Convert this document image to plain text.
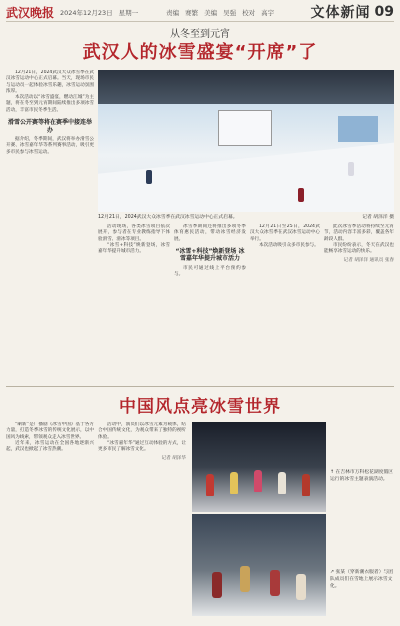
武汉晚报 2024年12月23日 星期一	责编 赛繁 美编 吴强 校对 高宇	文体新闻 09
从冬至到元宵
武汉人的冰雪盛宴“开席”了

12月21日，2024武汉大众冰雪季在武汉冰雪运动中心正式启幕。当天，现场市民与运动员一起体验冰雪乐趣，冰雪运动氛围浓厚。

本次活动以“冰雪盛宴，燃动江城”为主题，将在冬至到元宵期间陆续推出多项冰雪活动，丰富市民冬季生活。

滑雪公开赛等将在赛季中接连举办

据介绍，冬季期间，武汉将举办滑雪公开赛、冰雪嘉年华等系列赛事活动，吸引更多市民参与冰雪运动。

12月21日，2024武汉大众冰雪季在武汉冰雪运动中心正式启幕。	记者 胡泽洋 摄

活动现场，各类冰雪项目依次展开，参与者在专业教练指导下体验滑雪、滑冰等项目。

“冰雪+科技”焕新登场，冰雪嘉年华提升城市活力。

冰雪季期间还将推出多项冬季体育惠民活动，带动冰雪经济发展。

“冰雪+科技”焕新登场 冰雪嘉年华提升城市活力

市民可通过线上平台预约参与。

12月21日至25日，2024武汉大众冰雪季在武汉冰雪运动中心举行。

本次活动吸引众多市民参与。

此次冰雪季活动将持续至元宵节，活动内容丰富多彩，覆盖各年龄段人群。

市民纷纷表示，冬天在武汉也能畅享冰雪运动的快乐。

记者 胡泽洋 通讯员 张春
中国风点亮冰雪世界

“刷新”是广播剧《冰雪中国》基于各方力量，打造冬季冰雪的传统文化展示，以中国风为线索，带领观众走入冰雪世界。

近年来，冰雪运动在全国各地逐渐兴起，武汉也掀起了冰雪热潮。

活动中，演员们以冰雪元素为载体，结合中国传统文化，为观众带来了独特的视听体验。

“冰雪嘉年华”通过互动体验的方式，让更多市民了解冰雪文化。

记者 胡泽华
↑ 在吉林市万科松花湖度假区运行的冰雪主题表演活动。
↗ 张某（穿新潮衣服者）与团队成员们在雪地上展示冰雪文化。
